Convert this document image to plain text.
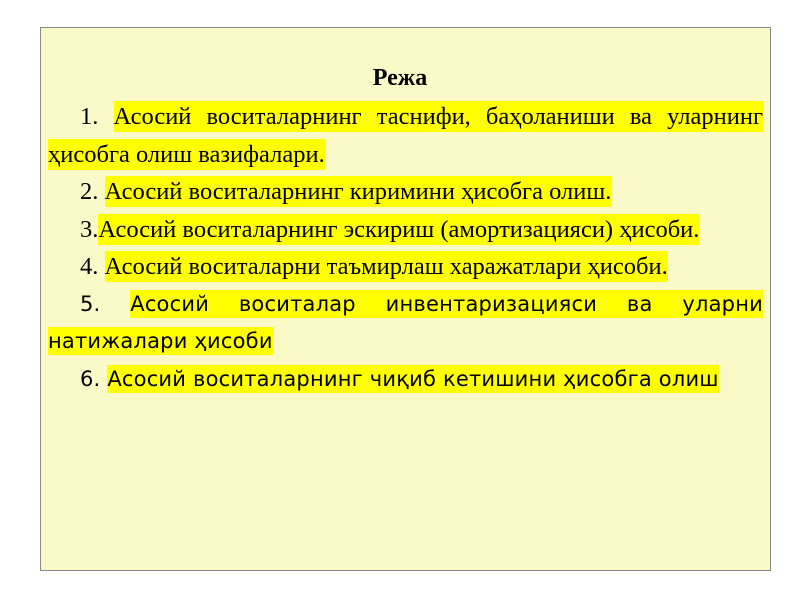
Режа

1. Асосий воситаларнинг таснифи, баҳоланиши ва уларнинг ҳисобга олиш вазифалари.

2. Асосий воситаларнинг киримини ҳисобга олиш.

3.Асосий воситаларнинг эскириш (амортизацияси) ҳисоби.

4. Асосий воситаларни таъмирлаш харажатлари ҳисоби.

5. Асосий воситалар инвентаризацияси ва уларни натижалари ҳисоби

6. Асосий воситаларнинг чиқиб кетишини ҳисобга олиш
